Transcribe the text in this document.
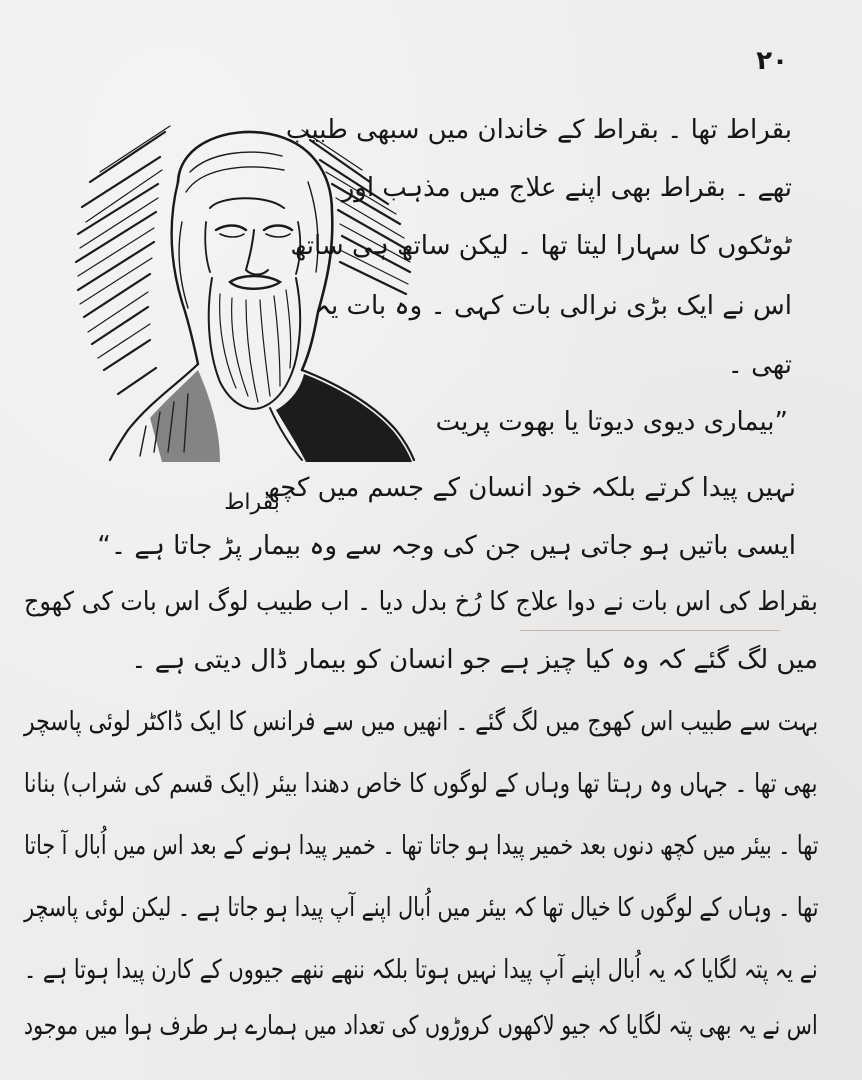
۲۰
بقراط
بقراط تھا ۔ بقراط کے خاندان میں سبھی طبیب
تھے ۔ بقراط بھی اپنے علاج میں مذہب اور
ٹوٹکوں کا سہارا لیتا تھا ۔ لیکن ساتھ ہی ساتھ
اس نے ایک بڑی نرالی بات کہی ۔ وہ بات یہ
تھی ۔
”بیماری دیوی دیوتا یا بھوت پریت
نہیں پیدا کرتے بلکہ خود انسان کے جسم میں کچھ
ایسی باتیں ہو جاتی ہیں جن کی وجہ سے وہ بیمار پڑ جاتا ہے ۔“
بقراط کی اس بات نے دوا علاج کا رُخ بدل دیا ۔ اب طبیب لوگ اس بات کی کھوج
میں لگ گئے کہ وہ کیا چیز ہے جو انسان کو بیمار ڈال دیتی ہے ۔
بہت سے طبیب اس کھوج میں لگ گئے ۔ انھیں میں سے فرانس کا ایک ڈاکٹر لوئی پاسچر
بھی تھا ۔ جہاں وہ رہتا تھا وہاں کے لوگوں کا خاص دھندا بیئر (ایک قسم کی شراب) بنانا
تھا ۔ بیئر میں کچھ دنوں بعد خمیر پیدا ہو جاتا تھا ۔ خمیر پیدا ہونے کے بعد اس میں اُبال آ جاتا
تھا ۔ وہاں کے لوگوں کا خیال تھا کہ بیئر میں اُبال اپنے آپ پیدا ہو جاتا ہے ۔ لیکن لوئی پاسچر
نے یہ پتہ لگایا کہ یہ اُبال اپنے آپ پیدا نہیں ہوتا بلکہ ننھے ننھے جیووں کے کارن پیدا ہوتا ہے ۔
اس نے یہ بھی پتہ لگایا کہ جیو لاکھوں کروڑوں کی تعداد میں ہمارے ہر طرف ہوا میں موجود
